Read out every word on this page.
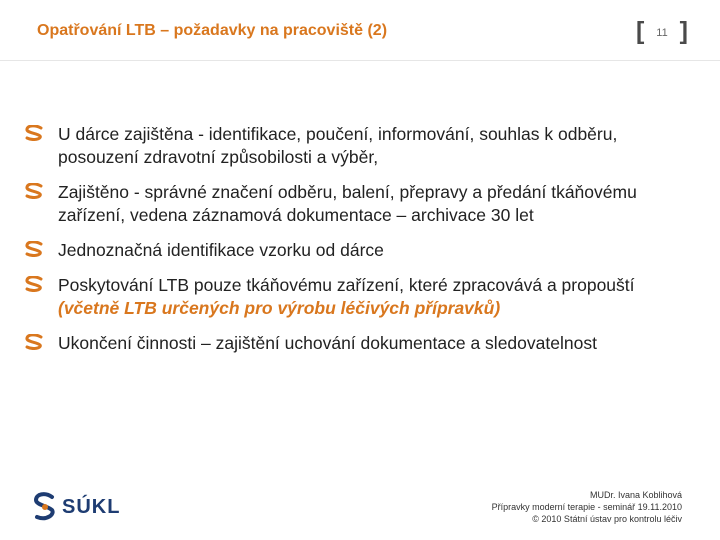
Opatřování LTB – požadavky na pracoviště (2)	[	11 ]
U dárce zajištěna - identifikace, poučení, informování, souhlas k odběru, posouzení zdravotní způsobilosti a výběr,
Zajištěno - správné značení odběru, balení, přepravy a předání tkáňovému zařízení, vedena záznamová dokumentace – archivace 30 let
Jednoznačná identifikace vzorku od dárce
Poskytování LTB pouze tkáňovému zařízení, které zpracovává a propouští (včetně LTB určených pro výrobu léčivých přípravků)
Ukončení činnosti – zajištění uchování dokumentace a sledovatelnost
SÚKL
MUDr. Ivana Koblihová
Přípravky moderní terapie - seminář 19.11.2010
© 2010 Státní ústav pro kontrolu léčiv
